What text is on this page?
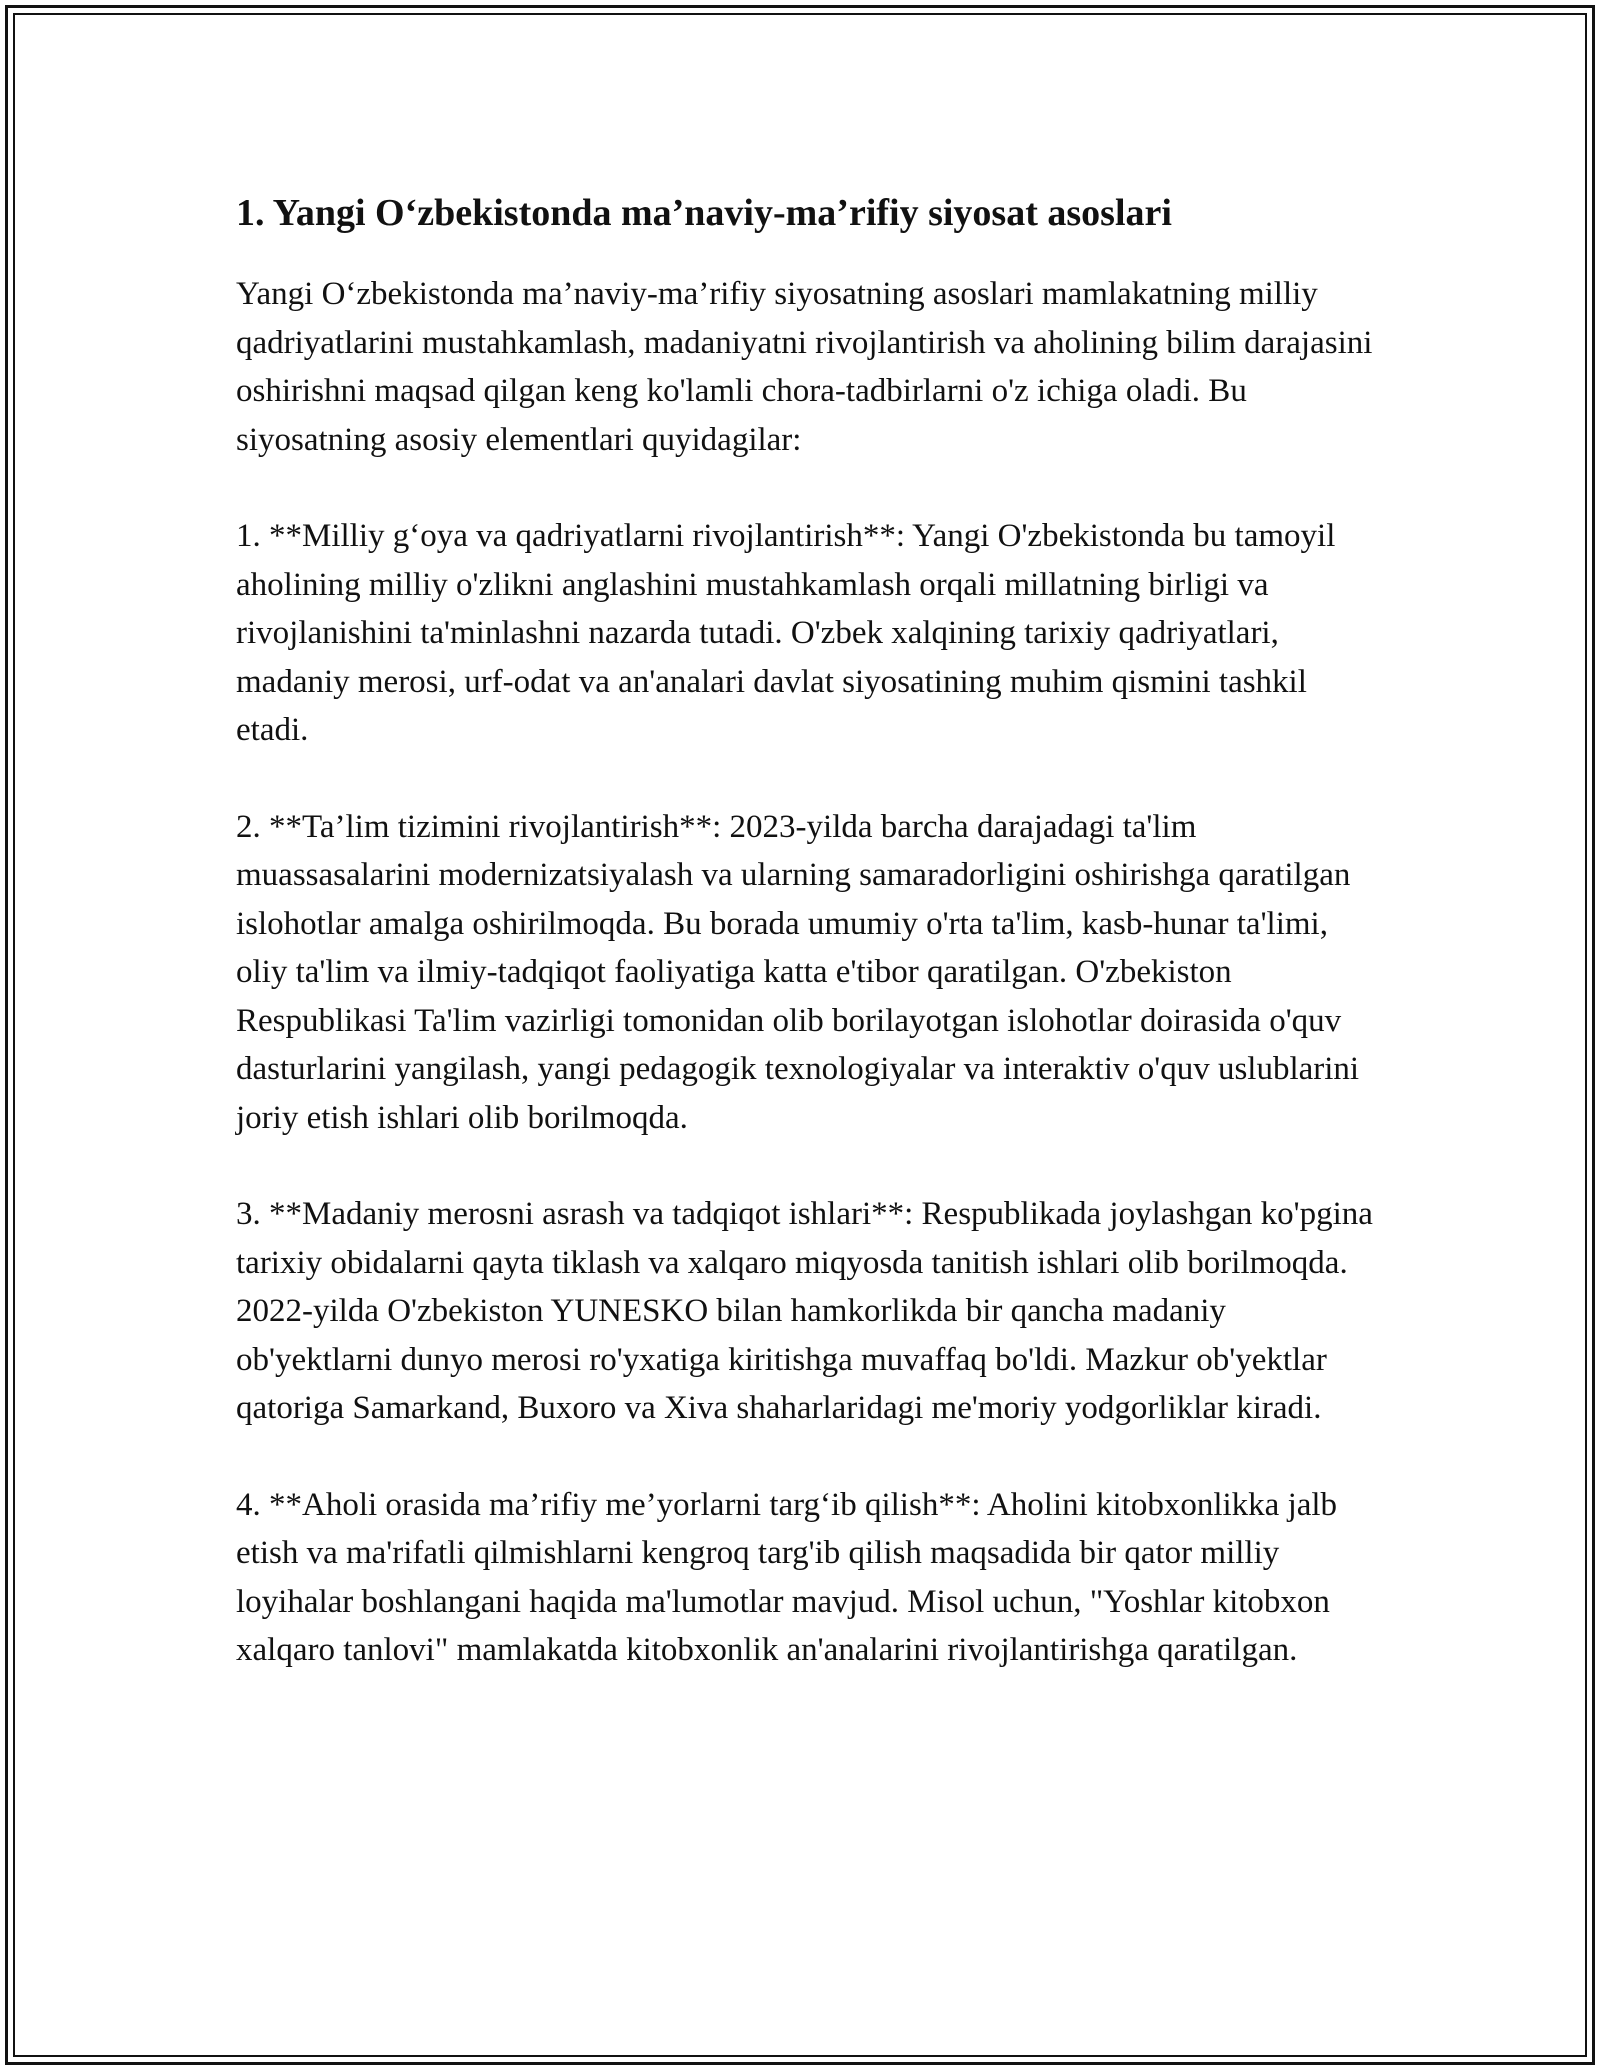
1. Yangi O‘zbekistonda ma’naviy-ma’rifiy siyosat asoslari

Yangi O‘zbekistonda ma’naviy-ma’rifiy siyosatning asoslari mamlakatning milliy qadriyatlarini mustahkamlash, madaniyatni rivojlantirish va aholining bilim darajasini oshirishni maqsad qilgan keng ko'lamli chora-tadbirlarni o'z ichiga oladi. Bu siyosatning asosiy elementlari quyidagilar:

1. **Milliy g‘oya va qadriyatlarni rivojlantirish**: Yangi O'zbekistonda bu tamoyil aholining milliy o'zlikni anglashini mustahkamlash orqali millatning birligi va rivojlanishini ta'minlashni nazarda tutadi. O'zbek xalqining tarixiy qadriyatlari, madaniy merosi, urf-odat va an'analari davlat siyosatining muhim qismini tashkil etadi.

2. **Ta’lim tizimini rivojlantirish**: 2023-yilda barcha darajadagi ta'lim muassasalarini modernizatsiyalash va ularning samaradorligini oshirishga qaratilgan islohotlar amalga oshirilmoqda. Bu borada umumiy o'rta ta'lim, kasb-hunar ta'limi, oliy ta'lim va ilmiy-tadqiqot faoliyatiga katta e'tibor qaratilgan. O'zbekiston Respublikasi Ta'lim vazirligi tomonidan olib borilayotgan islohotlar doirasida o'quv dasturlarini yangilash, yangi pedagogik texnologiyalar va interaktiv o'quv uslublarini joriy etish ishlari olib borilmoqda.

3. **Madaniy merosni asrash va tadqiqot ishlari**: Respublikada joylashgan ko'pgina tarixiy obidalarni qayta tiklash va xalqaro miqyosda tanitish ishlari olib borilmoqda. 2022-yilda O'zbekiston YUNESKO bilan hamkorlikda bir qancha madaniy ob'yektlarni dunyo merosi ro'yxatiga kiritishga muvaffaq bo'ldi. Mazkur ob'yektlar qatoriga Samarkand, Buxoro va Xiva shaharlaridagi me'moriy yodgorliklar kiradi.

4. **Aholi orasida ma’rifiy me’yorlarni targ‘ib qilish**: Aholini kitobxonlikka jalb etish va ma'rifatli qilmishlarni kengroq targ'ib qilish maqsadida bir qator milliy loyihalar boshlangani haqida ma'lumotlar mavjud. Misol uchun, "Yoshlar kitobxon xalqaro tanlovi" mamlakatda kitobxonlik an'analarini rivojlantirishga qaratilgan.
